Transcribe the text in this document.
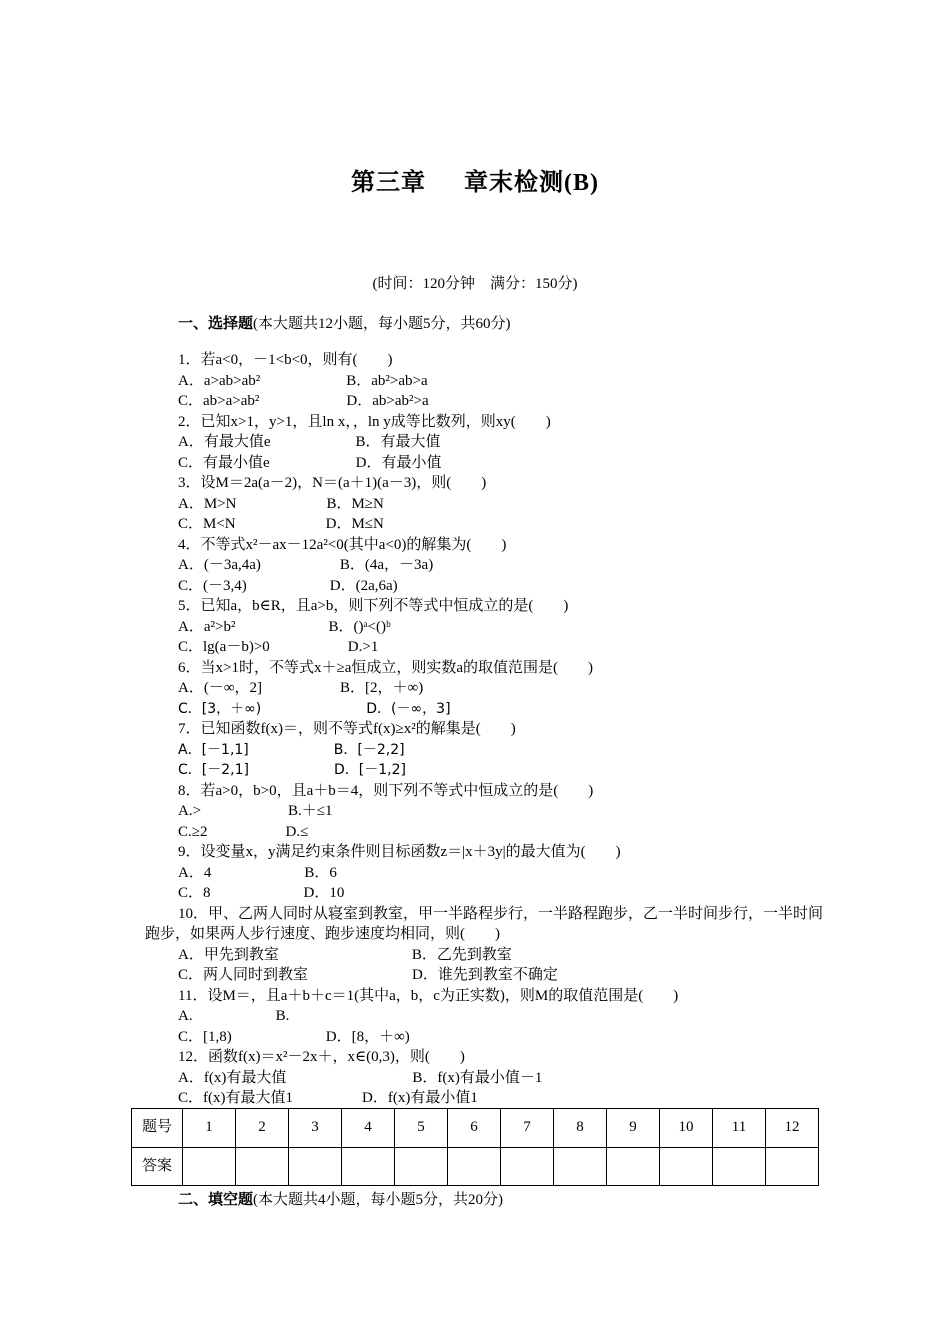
第三章 章末检测(B)
(时间：120分钟　满分：150分)
一、选择题(本大题共12小题，每小题5分，共60分)
1．若a<0，－1<b<0，则有(　　)
A．a>ab>ab²	B．ab²>ab>a
C．ab>a>ab²	D．ab>ab²>a
2．已知x>1，y>1，且ln x，，ln y成等比数列，则xy(　　)
A．有最大值e	B．有最大值
C．有最小值e	D．有最小值
3．设M＝2a(a－2)，N＝(a＋1)(a－3)，则(　　)
A．M>N	B．M≥N
C．M<N	D．M≤N
4．不等式x²－ax－12a²<0(其中a<0)的解集为(　　)
A．(－3a,4a)	B．(4a，－3a)
C．(－3,4)	D．(2a,6a)
5．已知a，b∈R，且a>b，则下列不等式中恒成立的是(　　)
A．a²>b²	B．()ᵃ<()ᵇ
C．lg(a－b)>0	D.>1
6．当x>1时，不等式x＋≥a恒成立，则实数a的取值范围是(　　)
A．(－∞，2]	B．[2，＋∞)
C．[3，＋∞)	D．(－∞，3]
7．已知函数f(x)＝，则不等式f(x)≥x²的解集是(　　)
A．[－1,1]	B．[－2,2]
C．[－2,1]	D．[－1,2]
8．若a>0，b>0，且a＋b＝4，则下列不等式中恒成立的是(　　)
A.>	B.＋≤1
C.≥2	D.≤
9．设变量x，y满足约束条件则目标函数z＝|x＋3y|的最大值为(　　)
A．4	B．6
C．8	D．10
10．甲、乙两人同时从寝室到教室，甲一半路程步行，一半路程跑步，乙一半时间步行，一半时间跑步，如果两人步行速度、跑步速度均相同，则(　　)
A．甲先到教室	B．乙先到教室
C．两人同时到教室	D．谁先到教室不确定
11．设M＝，且a＋b＋c＝1(其中a，b，c为正实数)，则M的取值范围是(　　)
A.	B.
C．[1,8)	D．[8，＋∞)
12．函数f(x)＝x²－2x＋，x∈(0,3)，则(　　)
A．f(x)有最大值	B．f(x)有最小值－1
C．f(x)有最大值1	D．f(x)有最小值1
题号	1	2	3	4	5	6	7	8	9	10	11	12
答案												
二、填空题(本大题共4小题，每小题5分，共20分)
